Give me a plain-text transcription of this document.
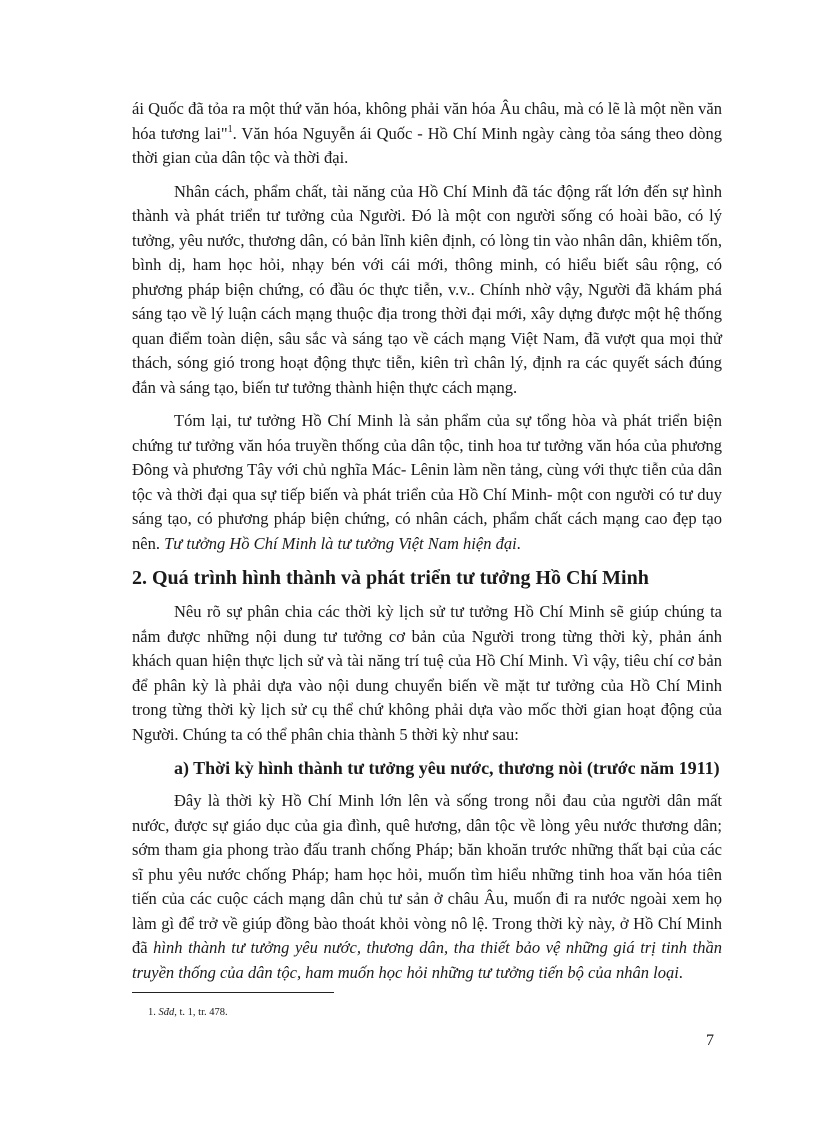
ái Quốc đã tỏa ra một thứ văn hóa, không phải văn hóa Âu châu, mà có lẽ là một nền văn hóa tương lai"$^1$. Văn hóa Nguyễn ái Quốc - Hồ Chí Minh ngày càng tỏa sáng theo dòng thời gian của dân tộc và thời đại.

Nhân cách, phẩm chất, tài năng của Hồ Chí Minh đã tác động rất lớn đến sự hình thành và phát triển tư tưởng của Người. Đó là một con người sống có hoài bão, có lý tưởng, yêu nước, thương dân, có bản lĩnh kiên định, có lòng tin vào nhân dân, khiêm tốn, bình dị, ham học hỏi, nhạy bén với cái mới, thông minh, có hiểu biết sâu rộng, có phương pháp biện chứng, có đầu óc thực tiễn, v.v.. Chính nhờ vậy, Người đã khám phá sáng tạo về lý luận cách mạng thuộc địa trong thời đại mới, xây dựng được một hệ thống quan điểm toàn diện, sâu sắc và sáng tạo về cách mạng Việt Nam, đã vượt qua mọi thử thách, sóng gió trong hoạt động thực tiễn, kiên trì chân lý, định ra các quyết sách đúng đắn và sáng tạo, biến tư tưởng thành hiện thực cách mạng.

Tóm lại, tư tưởng Hồ Chí Minh là sản phẩm của sự tổng hòa và phát triển biện chứng tư tưởng văn hóa truyền thống của dân tộc, tinh hoa tư tưởng văn hóa của phương Đông và phương Tây với chủ nghĩa Mác- Lênin làm nền tảng, cùng với thực tiễn của dân tộc và thời đại qua sự tiếp biến và phát triển của Hồ Chí Minh- một con người có tư duy sáng tạo, có phương pháp biện chứng, có nhân cách, phẩm chất cách mạng cao đẹp tạo nên. Tư tưởng Hồ Chí Minh là tư tưởng Việt Nam hiện đại.

2. Quá trình hình thành và phát triển tư tưởng Hồ Chí Minh

Nêu rõ sự phân chia các thời kỳ lịch sử tư tưởng Hồ Chí Minh sẽ giúp chúng ta nắm được những nội dung tư tưởng cơ bản của Người trong từng thời kỳ, phản ánh khách quan hiện thực lịch sử và tài năng trí tuệ của Hồ Chí Minh. Vì vậy, tiêu chí cơ bản để phân kỳ là phải dựa vào nội dung chuyển biến về mặt tư tưởng của Hồ Chí Minh trong từng thời kỳ lịch sử cụ thể chứ không phải dựa vào mốc thời gian hoạt động của Người. Chúng ta có thể phân chia thành 5 thời kỳ như sau:

a) Thời kỳ hình thành tư tưởng yêu nước, thương nòi (trước năm 1911)

Đây là thời kỳ Hồ Chí Minh lớn lên và sống trong nỗi đau của người dân mất nước, được sự giáo dục của gia đình, quê hương, dân tộc về lòng yêu nước thương dân; sớm tham gia phong trào đấu tranh chống Pháp; băn khoăn trước những thất bại của các sĩ phu yêu nước chống Pháp; ham học hỏi, muốn tìm hiểu những tinh hoa văn hóa tiên tiến của các cuộc cách mạng dân chủ tư sản ở châu Âu, muốn đi ra nước ngoài xem họ làm gì để trở về giúp đồng bào thoát khỏi vòng nô lệ. Trong thời kỳ này, ở Hồ Chí Minh đã hình thành tư tưởng yêu nước, thương dân, tha thiết bảo vệ những giá trị tinh thần truyền thống của dân tộc, ham muốn học hỏi những tư tưởng tiến bộ của nhân loại.

1. Sđd, t. 1, tr. 478.
7
